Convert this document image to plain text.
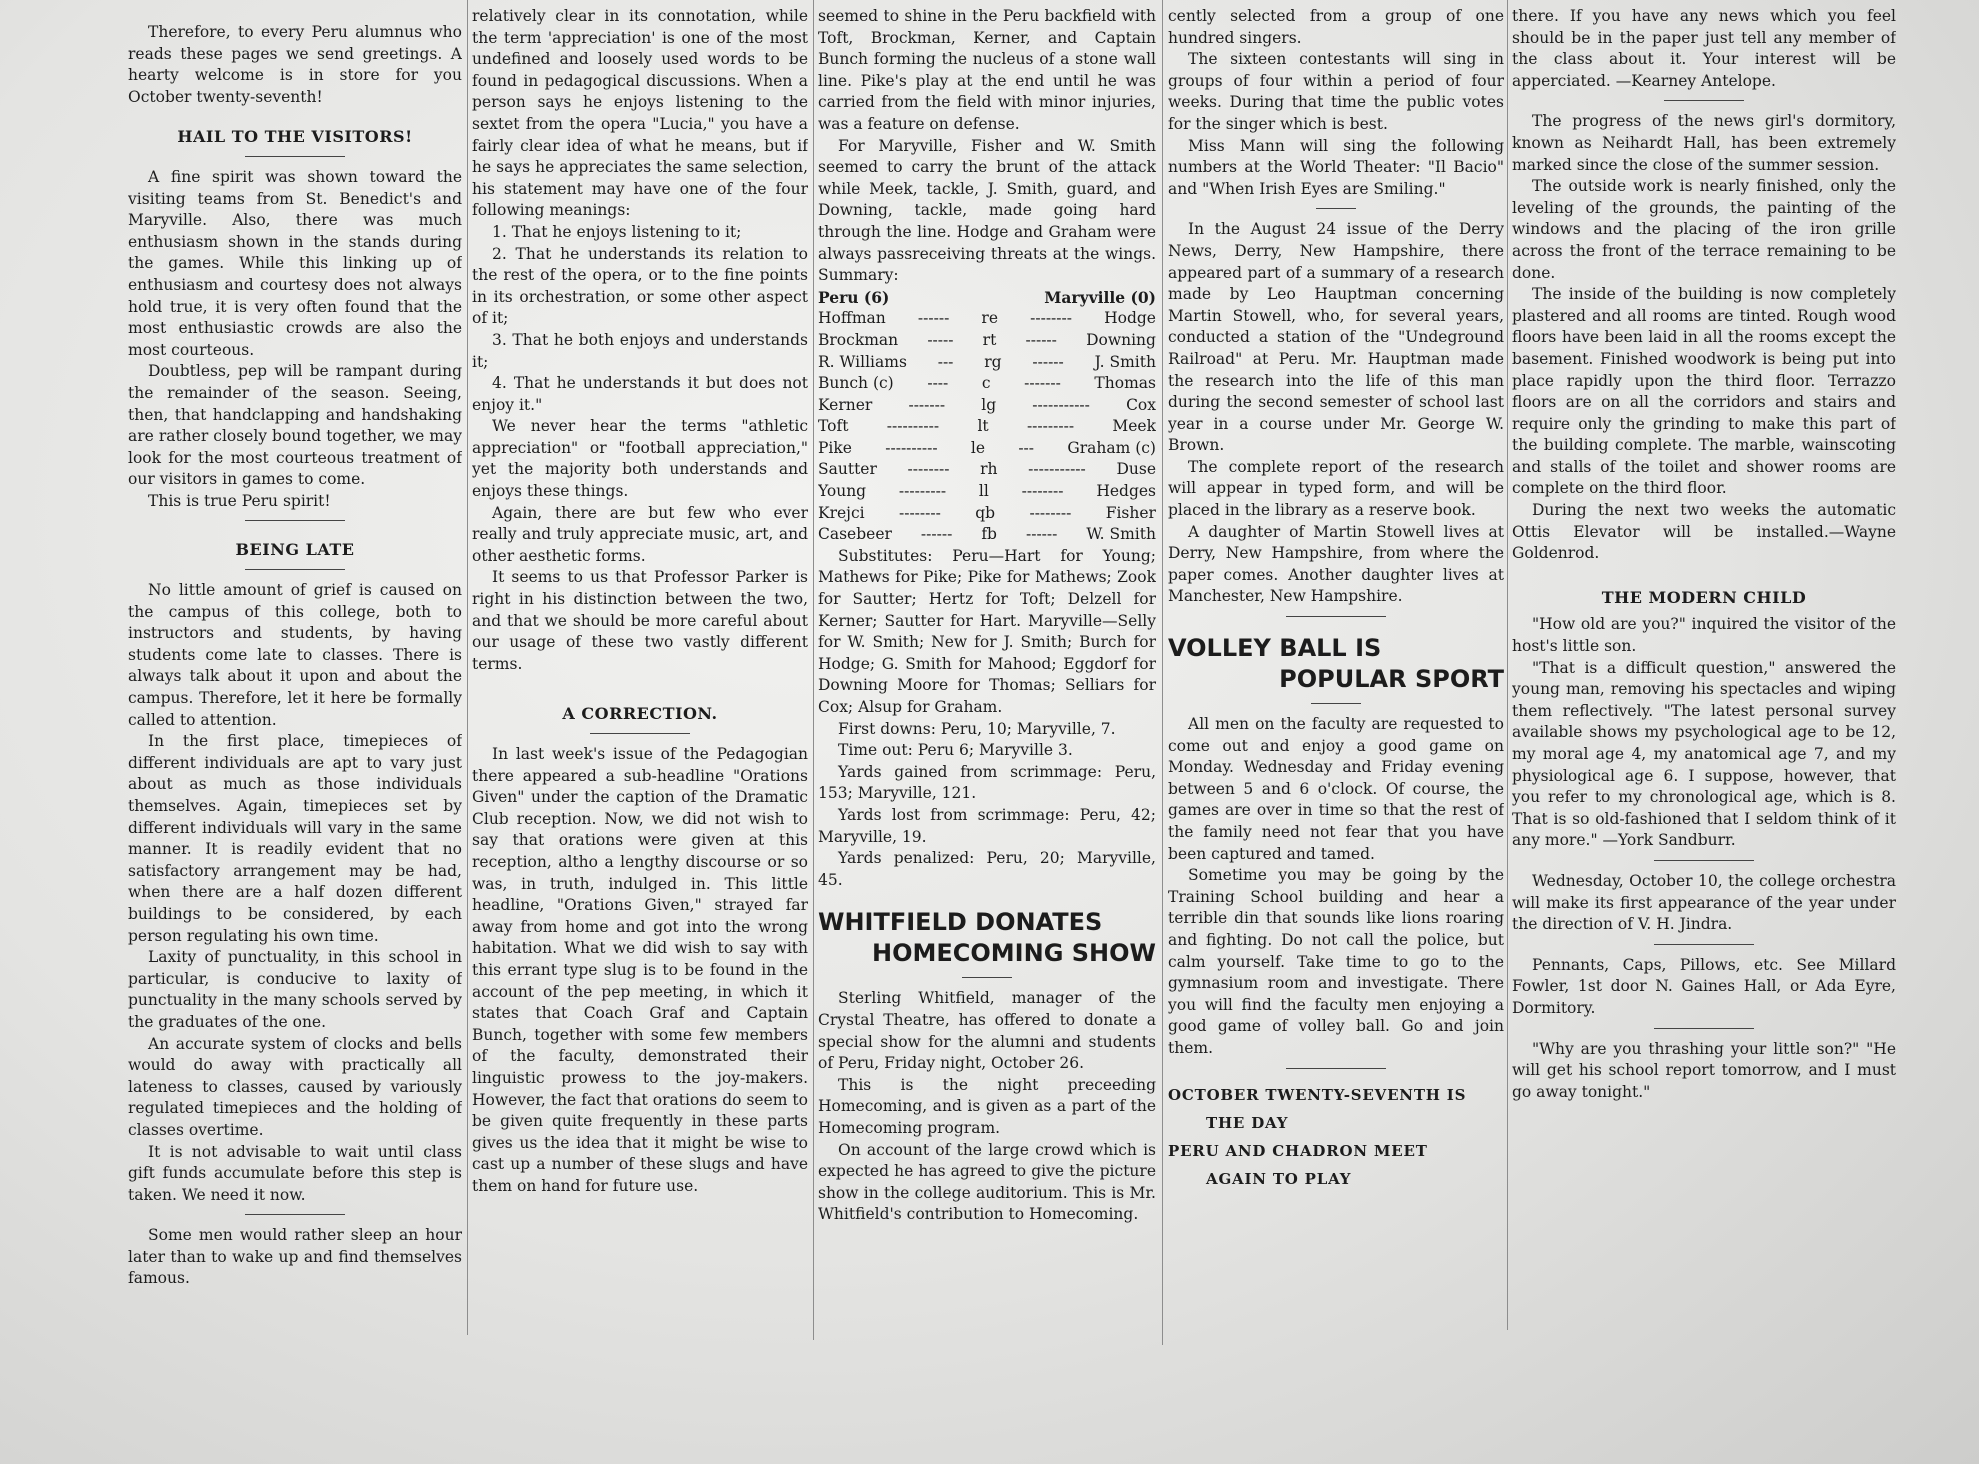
Therefore, to every Peru alumnus who reads these pages we send greetings. A hearty welcome is in store for you October twenty-seventh!

HAIL TO THE VISITORS!

A fine spirit was shown toward the visiting teams from St. Benedict's and Maryville. Also, there was much enthusiasm shown in the stands during the games. While this linking up of enthusiasm and courtesy does not always hold true, it is very often found that the most enthusiastic crowds are also the most courteous.

Doubtless, pep will be rampant during the remainder of the season. Seeing, then, that handclapping and handshaking are rather closely bound together, we may look for the most courteous treatment of our visitors in games to come.

This is true Peru spirit!

BEING LATE

No little amount of grief is caused on the campus of this college, both to instructors and students, by having students come late to classes. There is always talk about it upon and about the campus. Therefore, let it here be formally called to attention.

In the first place, timepieces of different individuals are apt to vary just about as much as those individuals themselves. Again, timepieces set by different individuals will vary in the same manner. It is readily evident that no satisfactory arrangement may be had, when there are a half dozen different buildings to be considered, by each person regulating his own time.

Laxity of punctuality, in this school in particular, is conducive to laxity of punctuality in the many schools served by the graduates of the one.

An accurate system of clocks and bells would do away with practically all lateness to classes, caused by variously regulated timepieces and the holding of classes overtime.

It is not advisable to wait until class gift funds accumulate before this step is taken. We need it now.

Some men would rather sleep an hour later than to wake up and find themselves famous.

relatively clear in its connotation, while the term 'appreciation' is one of the most undefined and loosely used words to be found in pedagogical discussions. When a person says he enjoys listening to the sextet from the opera "Lucia," you have a fairly clear idea of what he means, but if he says he appreciates the same selection, his statement may have one of the four following meanings:

1. That he enjoys listening to it;

2. That he understands its relation to the rest of the opera, or to the fine points in its orchestration, or some other aspect of it;

3. That he both enjoys and understands it;

4. That he understands it but does not enjoy it."

We never hear the terms "athletic appreciation" or "football appreciation," yet the majority both understands and enjoys these things.

Again, there are but few who ever really and truly appreciate music, art, and other aesthetic forms.

It seems to us that Professor Parker is right in his distinction between the two, and that we should be more careful about our usage of these two vastly different terms.

A CORRECTION.

In last week's issue of the Pedagogian there appeared a sub-headline "Orations Given" under the caption of the Dramatic Club reception. Now, we did not wish to say that orations were given at this reception, altho a lengthy discourse or so was, in truth, indulged in. This little headline, "Orations Given," strayed far away from home and got into the wrong habitation. What we did wish to say with this errant type slug is to be found in the account of the pep meeting, in which it states that Coach Graf and Captain Bunch, together with some few members of the faculty, demonstrated their linguistic prowess to the joy-makers. However, the fact that orations do seem to be given quite frequently in these parts gives us the idea that it might be wise to cast up a number of these slugs and have them on hand for future use.

seemed to shine in the Peru backfield with Toft, Brockman, Kerner, and Captain Bunch forming the nucleus of a stone wall line. Pike's play at the end until he was carried from the field with minor injuries, was a feature on defense.

For Maryville, Fisher and W. Smith seemed to carry the brunt of the attack while Meek, tackle, J. Smith, guard, and Downing, tackle, made going hard through the line. Hodge and Graham were always passreceiving threats at the wings. Summary:

Peru (6)	Maryville (0)
Hoffman ------ re -------- Hodge
Brockman ----- rt ------ Downing
R. Williams --- rg ------ J. Smith
Bunch (c) ---- c ------- Thomas
Kerner ------- lg ----------- Cox
Toft ---------- lt --------- Meek
Pike ---------- le --- Graham (c)
Sautter -------- rh ----------- Duse
Young --------- ll -------- Hedges
Krejci -------- qb -------- Fisher
Casebeer ------ fb ------ W. Smith

Substitutes: Peru—Hart for Young; Mathews for Pike; Pike for Mathews; Zook for Sautter; Hertz for Toft; Delzell for Kerner; Sautter for Hart. Maryville—Selly for W. Smith; New for J. Smith; Burch for Hodge; G. Smith for Mahood; Eggdorf for Downing Moore for Thomas; Selliars for Cox; Alsup for Graham.

First downs: Peru, 10; Maryville, 7.

Time out: Peru 6; Maryville 3.

Yards gained from scrimmage: Peru, 153; Maryville, 121.

Yards lost from scrimmage: Peru, 42; Maryville, 19.

Yards penalized: Peru, 20; Maryville, 45.

WHITFIELD DONATES
HOMECOMING SHOW

Sterling Whitfield, manager of the Crystal Theatre, has offered to donate a special show for the alumni and students of Peru, Friday night, October 26.

This is the night preceeding Homecoming, and is given as a part of the Homecoming program.

On account of the large crowd which is expected he has agreed to give the picture show in the college auditorium. This is Mr. Whitfield's contribution to Homecoming.

cently selected from a group of one hundred singers.

The sixteen contestants will sing in groups of four within a period of four weeks. During that time the public votes for the singer which is best.

Miss Mann will sing the following numbers at the World Theater: "Il Bacio" and "When Irish Eyes are Smiling."

In the August 24 issue of the Derry News, Derry, New Hampshire, there appeared part of a summary of a research made by Leo Hauptman concerning Martin Stowell, who, for several years, conducted a station of the "Undeground Railroad" at Peru. Mr. Hauptman made the research into the life of this man during the second semester of school last year in a course under Mr. George W. Brown.

The complete report of the research will appear in typed form, and will be placed in the library as a reserve book.

A daughter of Martin Stowell lives at Derry, New Hampshire, from where the paper comes. Another daughter lives at Manchester, New Hampshire.

VOLLEY BALL IS
POPULAR SPORT

All men on the faculty are requested to come out and enjoy a good game on Monday. Wednesday and Friday evening between 5 and 6 o'clock. Of course, the games are over in time so that the rest of the family need not fear that you have been captured and tamed.

Sometime you may be going by the Training School building and hear a terrible din that sounds like lions roaring and fighting. Do not call the police, but calm yourself. Take time to go to the gymnasium room and investigate. There you will find the faculty men enjoying a good game of volley ball. Go and join them.

OCTOBER TWENTY-SEVENTH IS
THE DAY
PERU AND CHADRON MEET
AGAIN TO PLAY

there. If you have any news which you feel should be in the paper just tell any member of the class about it. Your interest will be apperciated. —Kearney Antelope.

The progress of the news girl's dormitory, known as Neihardt Hall, has been extremely marked since the close of the summer session.

The outside work is nearly finished, only the leveling of the grounds, the painting of the windows and the placing of the iron grille across the front of the terrace remaining to be done.

The inside of the building is now completely plastered and all rooms are tinted. Rough wood floors have been laid in all the rooms except the basement. Finished woodwork is being put into place rapidly upon the third floor. Terrazzo floors are on all the corridors and stairs and require only the grinding to make this part of the building complete. The marble, wainscoting and stalls of the toilet and shower rooms are complete on the third floor.

During the next two weeks the automatic Ottis Elevator will be installed.—Wayne Goldenrod.

THE MODERN CHILD

"How old are you?" inquired the visitor of the host's little son.

"That is a difficult question," answered the young man, removing his spectacles and wiping them reflectively. "The latest personal survey available shows my psychological age to be 12, my moral age 4, my anatomical age 7, and my physiological age 6. I suppose, however, that you refer to my chronological age, which is 8. That is so old-fashioned that I seldom think of it any more." —York Sandburr.

Wednesday, October 10, the college orchestra will make its first appearance of the year under the direction of V. H. Jindra.

Pennants, Caps, Pillows, etc. See Millard Fowler, 1st door N. Gaines Hall, or Ada Eyre, Dormitory.

"Why are you thrashing your little son?" "He will get his school report tomorrow, and I must go away tonight."
